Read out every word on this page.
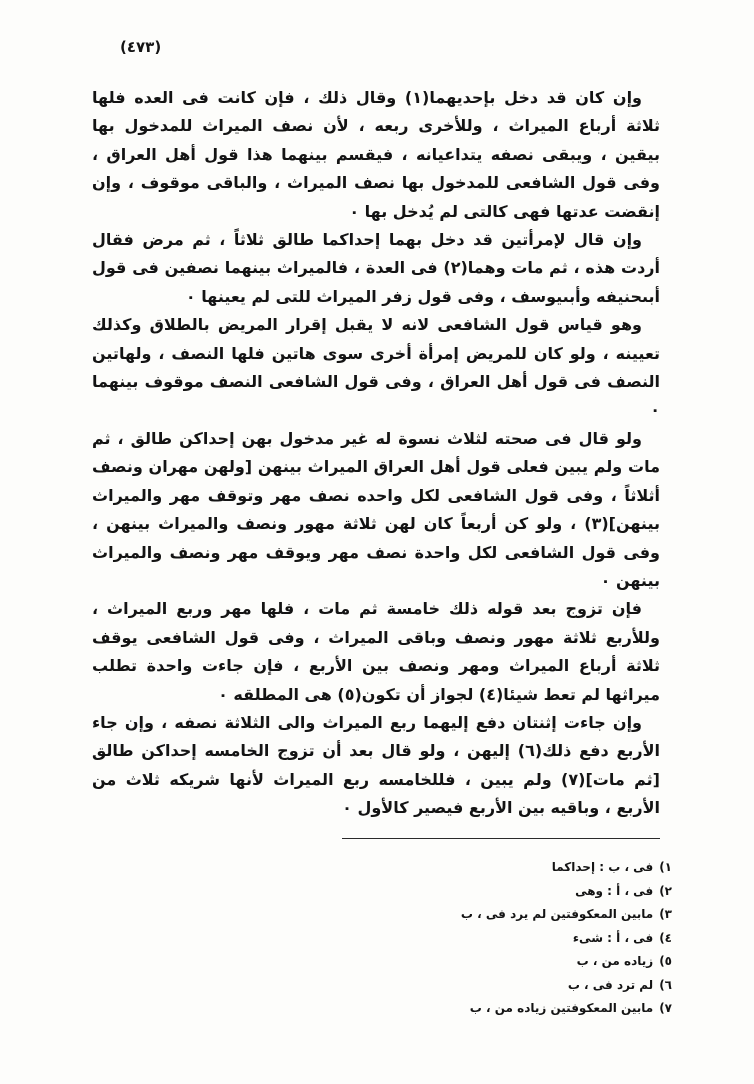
(٤٧٣)

وإن كان قد دخل بإحديهما(١) وقال ذلك ، فإن كانت فى العده فلها ثلاثة أرباع الميراث ، وللأخرى ربعه ، لأن نصف الميراث للمدخول بها بيقين ، ويبقى نصفه يتداعيانه ، فيقسم بينهما هذا قول أهل العراق ، وفى قول الشافعى للمدخول بها نصف الميراث ، والباقى موقوف ، وإن إنقضت عدتها فهى كالتى لم يُدخل بها ٠

وإن قال لإمرأتين قد دخل بهما إحداكما طالق ثلاثاً ، ثم مرض فقال أردت هذه ، ثم مات وهما(٢) فى العدة ، فالميراث بينهما نصفين فى قول أبىحنيفه وأبىيوسف ، وفى قول زفر الميراث للتى لم يعينها ٠

وهو قياس قول الشافعى لانه لا يقبل إقرار المريض بالطلاق وكذلك تعيينه ، ولو كان للمريض إمرأة أخرى سوى هاتين فلها النصف ، ولهاتين النصف فى قول أهل العراق ، وفى قول الشافعى النصف موقوف بينهما ٠

ولو قال فى صحته لثلاث نسوة له غير مدخول بهن إحداكن طالق ، ثم مات ولم يبين فعلى قول أهل العراق الميراث بينهن [ولهن مهران ونصف أثلاثاً ، وفى قول الشافعى لكل واحده نصف مهر وتوقف مهر والميراث بينهن](٣) ، ولو كن أربعاً كان لهن ثلاثة مهور ونصف والميراث بينهن ، وفى قول الشافعى لكل واحدة نصف مهر ويوقف مهر ونصف والميراث بينهن ٠

فإن تزوج بعد قوله ذلك خامسة ثم مات ، فلها مهر وربع الميراث ، وللأربع ثلاثة مهور ونصف وباقى الميراث ، وفى قول الشافعى يوقف ثلاثة أرباع الميراث ومهر ونصف بين الأربع ، فإن جاءت واحدة تطلب ميراثها لم تعط شيئا(٤) لجواز أن تكون(٥) هى المطلقه ٠

وإن جاءت إثنتان دفع إليهما ربع الميراث والى الثلاثة نصفه ، وإن جاء الأربع دفع ذلك(٦) إليهن ، ولو قال بعد أن تزوج الخامسه إحداكن طالق [ثم مات](٧) ولم يبين ، فللخامسه ربع الميراث لأنها شريكه ثلاث من الأربع ، وباقيه بين الأربع فيصير كالأول ٠

١)
فى ، ب : إحداكما
٢)
فى ، أ : وهى
٣)
مابين المعكوفتين لم يرد فى ، ب
٤)
فى ، أ : شىء
٥)
زياده من ، ب
٦)
لم ترد فى ، ب
٧)
مابين المعكوفتين زياده من ، ب
